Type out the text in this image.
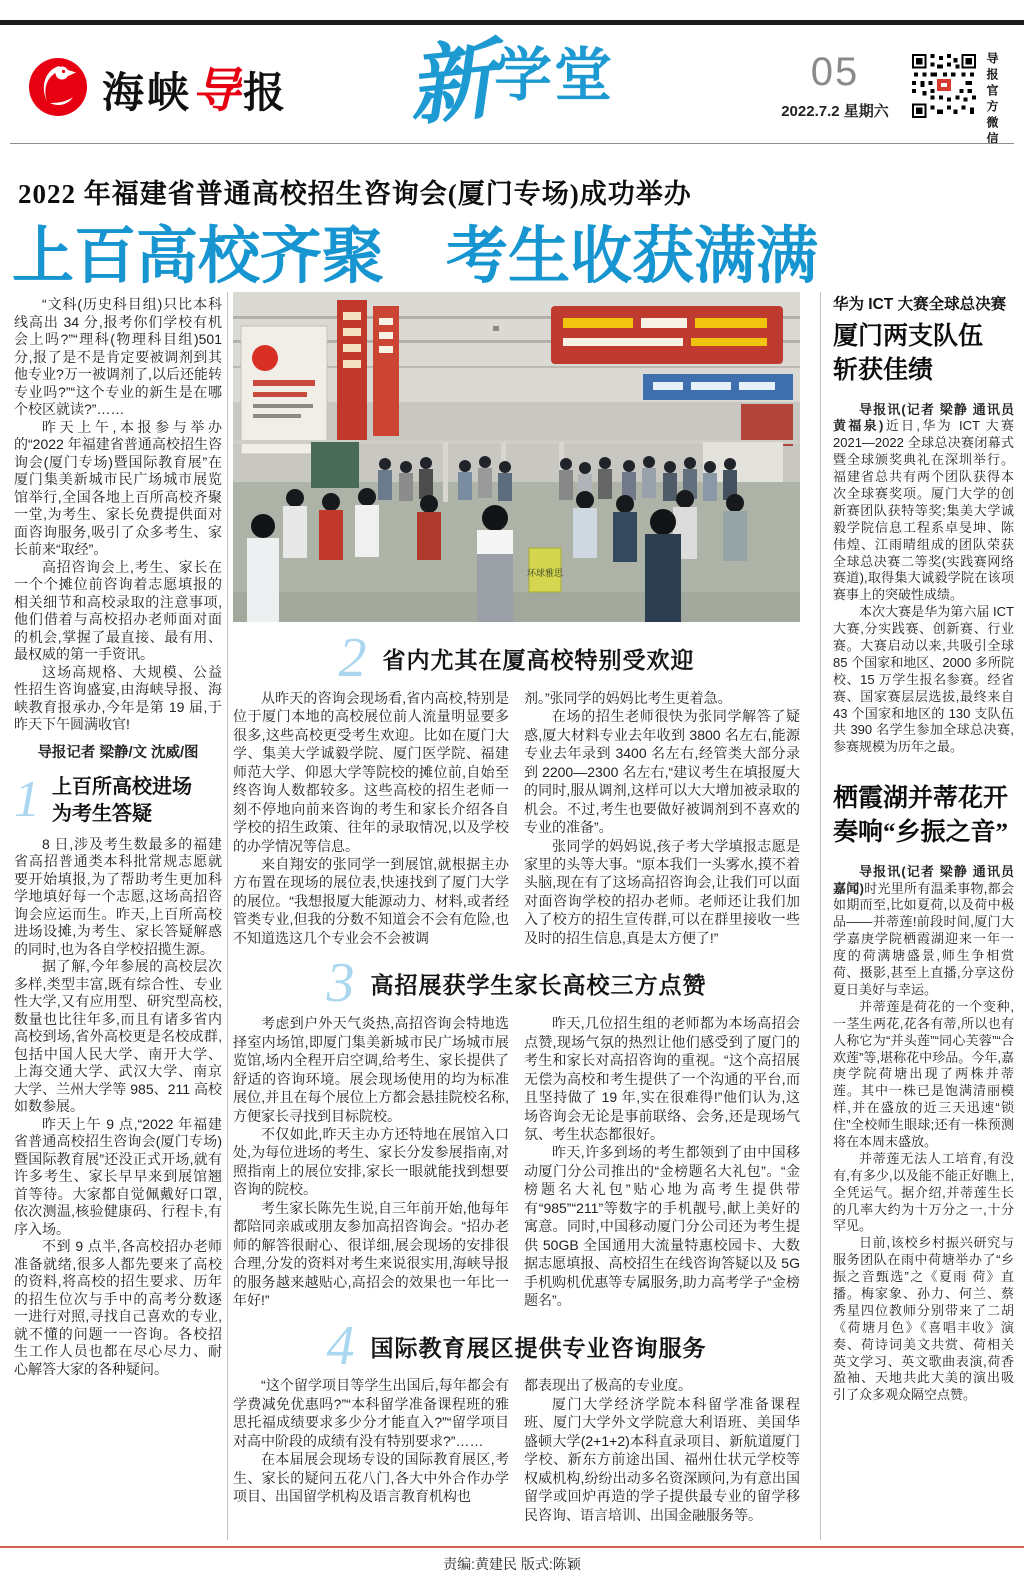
海峡导报 新学堂	05
2022.7.2 星期六	导报官方微信
2022 年福建省普通高校招生咨询会(厦门专场)成功举办
上百高校齐聚　考生收获满满

“文科(历史科目组)只比本科线高出 34 分,报考你们学校有机会上吗?”“理科(物理科目组)501 分,报了是不是肯定要被调剂到其他专业?万一被调剂了,以后还能转专业吗?”“这个专业的新生是在哪个校区就读?”……

昨天上午,本报参与举办的“2022 年福建省普通高校招生咨询会(厦门专场)暨国际教育展”在厦门集美新城市民广场城市展览馆举行,全国各地上百所高校齐聚一堂,为考生、家长免费提供面对面咨询服务,吸引了众多考生、家长前来“取经”。

高招咨询会上,考生、家长在一个个摊位前咨询着志愿填报的相关细节和高校录取的注意事项,他们借着与高校招办老师面对面的机会,掌握了最直接、最有用、最权威的第一手资讯。

这场高规格、大规模、公益性招生咨询盛宴,由海峡导报、海峡教育报承办,今年是第 19 届,于昨天下午圆满收官!

导报记者 梁静/文 沈威/图

1 上百所高校进场
为考生答疑

8 日,涉及考生数最多的福建省高招普通类本科批常规志愿就要开始填报,为了帮助考生更加科学地填好每一个志愿,这场高招咨询会应运而生。昨天,上百所高校进场设摊,为考生、家长答疑解惑的同时,也为各自学校招揽生源。

据了解,今年参展的高校层次多样,类型丰富,既有综合性、专业性大学,又有应用型、研究型高校,数量也比往年多,而且有诸多省内高校到场,省外高校更是名校成群,包括中国人民大学、南开大学、上海交通大学、武汉大学、南京大学、兰州大学等 985、211 高校如数参展。

昨天上午 9 点,“2022 年福建省普通高校招生咨询会(厦门专场)暨国际教育展”还没正式开场,就有许多考生、家长早早来到展馆翘首等待。大家都自觉佩戴好口罩,依次测温,核验健康码、行程卡,有序入场。

不到 9 点半,各高校招办老师准备就绪,很多人都先要来了高校的资料,将高校的招生要求、历年的招生位次与手中的高考分数逐一进行对照,寻找自己喜欢的专业,就不懂的问题一一咨询。各校招生工作人员也都在尽心尽力、耐心解答大家的各种疑问。

环球雅思
2 省内尤其在厦高校特别受欢迎

从昨天的咨询会现场看,省内高校,特别是位于厦门本地的高校展位前人流量明显要多很多,这些高校更受考生欢迎。比如在厦门大学、集美大学诚毅学院、厦门医学院、福建师范大学、仰恩大学等院校的摊位前,自始至终咨询人数都较多。这些高校的招生老师一刻不停地向前来咨询的考生和家长介绍各自学校的招生政策、往年的录取情况,以及学校的办学情况等信息。

来自翔安的张同学一到展馆,就根据主办方布置在现场的展位表,快速找到了厦门大学的展位。“我想报厦大能源动力、材料,或者经管类专业,但我的分数不知道会不会有危险,也不知道选这几个专业会不会被调

剂。”张同学的妈妈比考生更着急。

在场的招生老师很快为张同学解答了疑惑,厦大材料专业去年收到 3800 名左右,能源专业去年录到 3400 名左右,经管类大部分录到 2200—2300 名左右,“建议考生在填报厦大的同时,服从调剂,这样可以大大增加被录取的机会。不过,考生也要做好被调剂到不喜欢的专业的准备”。

张同学的妈妈说,孩子考大学填报志愿是家里的头等大事。“原本我们一头雾水,摸不着头脑,现在有了这场高招咨询会,让我们可以面对面咨询学校的招办老师。老师还让我们加入了校方的招生宣传群,可以在群里接收一些及时的招生信息,真是太方便了!”

3 高招展获学生家长高校三方点赞

考虑到户外天气炎热,高招咨询会特地选择室内场馆,即厦门集美新城市民广场城市展览馆,场内全程开启空调,给考生、家长提供了舒适的咨询环境。展会现场使用的均为标准展位,并且在每个展位上方都会悬挂院校名称,方便家长寻找到目标院校。

不仅如此,昨天主办方还特地在展馆入口处,为每位进场的考生、家长分发参展指南,对照指南上的展位安排,家长一眼就能找到想要咨询的院校。

考生家长陈先生说,自三年前开始,他每年都陪同亲戚或朋友参加高招咨询会。“招办老师的解答很耐心、很详细,展会现场的安排很合理,分发的资料对考生来说很实用,海峡导报的服务越来越贴心,高招会的效果也一年比一年好!”

昨天,几位招生组的老师都为本场高招会点赞,现场气氛的热烈让他们感受到了厦门的考生和家长对高招咨询的重视。“这个高招展无偿为高校和考生提供了一个沟通的平台,而且坚持做了 19 年,实在很难得!”他们认为,这场咨询会无论是事前联络、会务,还是现场气氛、考生状态都很好。

昨天,许多到场的考生都领到了由中国移动厦门分公司推出的“金榜题名大礼包”。“金榜题名大礼包”贴心地为高考生提供带有“985”“211”等数字的手机靓号,献上美好的寓意。同时,中国移动厦门分公司还为考生提供 50GB 全国通用大流量特惠校园卡、大数据志愿填报、高校招生在线咨询答疑以及 5G 手机购机优惠等专属服务,助力高考学子“金榜题名”。

4 国际教育展区提供专业咨询服务

“这个留学项目等学生出国后,每年都会有学费减免优惠吗?”“本科留学准备课程班的雅思托福成绩要求多少分才能直入?”“留学项目对高中阶段的成绩有没有特别要求?”……

在本届展会现场专设的国际教育展区,考生、家长的疑问五花八门,各大中外合作办学项目、出国留学机构及语言教育机构也

都表现出了极高的专业度。

厦门大学经济学院本科留学准备课程班、厦门大学外文学院意大利语班、美国华盛顿大学(2+1+2)本科直录项目、新航道厦门学校、新东方前途出国、福州仕状元学校等权威机构,纷纷出动多名资深顾问,为有意出国留学或回炉再造的学子提供最专业的留学移民咨询、语言培训、出国金融服务等。

华为 ICT 大赛全球总决赛
厦门两支队伍
斩获佳绩

导报讯(记者 梁静 通讯员 黄福泉)近日,华为 ICT 大赛 2021—2022 全球总决赛闭幕式暨全球颁奖典礼在深圳举行。福建省总共有两个团队获得本次全球赛奖项。厦门大学的创新赛团队获特等奖;集美大学诚毅学院信息工程系卓旻坤、陈伟煌、江雨晴组成的团队荣获全球总决赛二等奖(实践赛网络赛道),取得集大诚毅学院在该项赛事上的突破性成绩。

本次大赛是华为第六届 ICT 大赛,分实践赛、创新赛、行业赛。大赛启动以来,共吸引全球 85 个国家和地区、2000 多所院校、15 万学生报名参赛。经省赛、国家赛层层选拔,最终来自 43 个国家和地区的 130 支队伍共 390 名学生参加全球总决赛,参赛规模为历年之最。

栖霞湖并蒂花开
奏响“乡振之音”

导报讯(记者 梁静 通讯员 嘉闻)时光里所有温柔事物,都会如期而至,比如夏荷,以及荷中极品——并蒂莲!前段时间,厦门大学嘉庚学院栖霞湖迎来一年一度的荷满塘盛景,师生争相赏荷、摄影,甚至上直播,分享这份夏日美好与幸运。

并蒂莲是荷花的一个变种,一茎生两花,花各有蒂,所以也有人称它为“并头莲”“同心芙蓉”“合欢莲”等,堪称花中珍品。今年,嘉庚学院荷塘出现了两株并蒂莲。其中一株已是饱满清丽模样,并在盛放的近三天迅速“锁住”全校师生眼球;还有一株预测将在本周末盛放。

并蒂莲无法人工培育,有没有,有多少,以及能不能正好瞧上,全凭运气。据介绍,并蒂莲生长的几率大约为十万分之一,十分罕见。

日前,该校乡村振兴研究与服务团队在雨中荷塘举办了“乡振之音甄选”之《夏雨 荷》直播。梅家象、孙力、何兰、蔡秀星四位教师分别带来了二胡《荷塘月色》《喜唱丰收》演奏、荷诗词美文共赏、荷相关英文学习、英文歌曲表演,荷香盈袖、天地共此大美的演出吸引了众多观众隔空点赞。

责编:黄建民 版式:陈颖
